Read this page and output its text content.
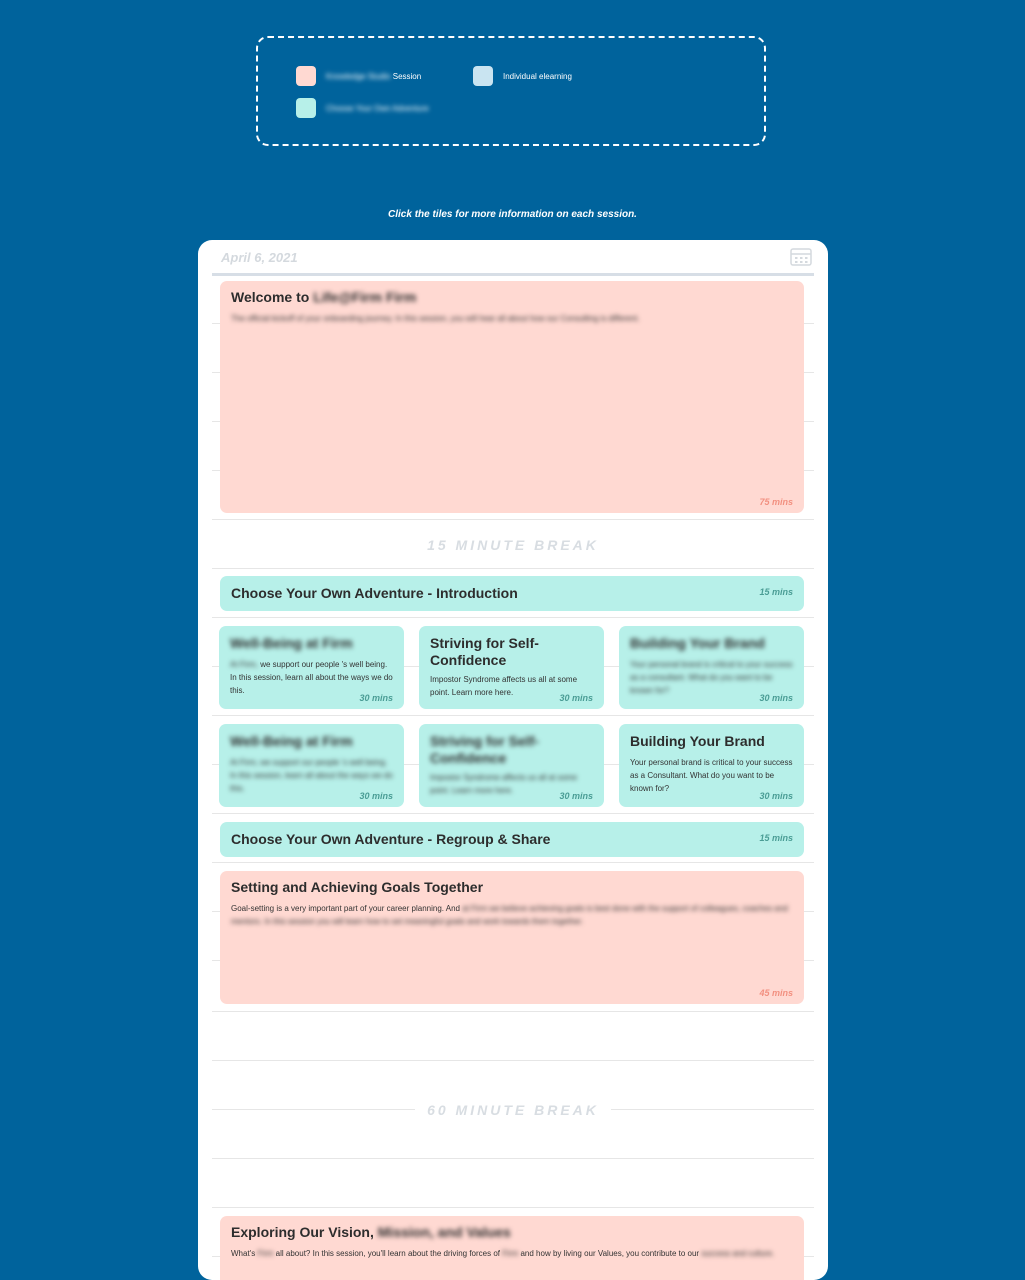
Knowledge Studio Session	Individual elearning
Choose Your Own Adventure
Click the tiles for more information on each session.
April 6, 2021
Welcome to Life@Firm Firm
The official kickoff of your onboarding journey. In this session, you will hear all about how our Consulting is different.
75 mins
15 MINUTE BREAK
Choose Your Own Adventure - Introduction	15 mins
Well-Being at Firm
At Firm, we support our people 's well being. In this session, learn all about the ways we do this.
30 mins
Striving for Self-Confidence
Impostor Syndrome affects us all at some point. Learn more here.
30 mins
Building Your Brand
Your personal brand is critical to your success as a consultant. What do you want to be known for?
30 mins
Well-Being at Firm
At Firm, we support our people 's well being. In this session, learn all about the ways we do this.
30 mins
Striving for Self-Confidence
Impostor Syndrome affects us all at some point. Learn more here.
30 mins
Building Your Brand
Your personal brand is critical to your success as a Consultant. What do you want to be known for?
30 mins
Choose Your Own Adventure - Regroup & Share	15 mins
Setting and Achieving Goals Together
Goal-setting is a very important part of your career planning. And at Firm we believe achieving goals is best done with the support of colleagues, coaches and mentors. In this session you will learn how to set meaningful goals and work towards them together.
45 mins
60 MINUTE BREAK
Exploring Our Vision, Mission, and Values
What's Firm all about? In this session, you'll learn about the driving forces of Firm and how by living our Values, you contribute to our success and culture.
